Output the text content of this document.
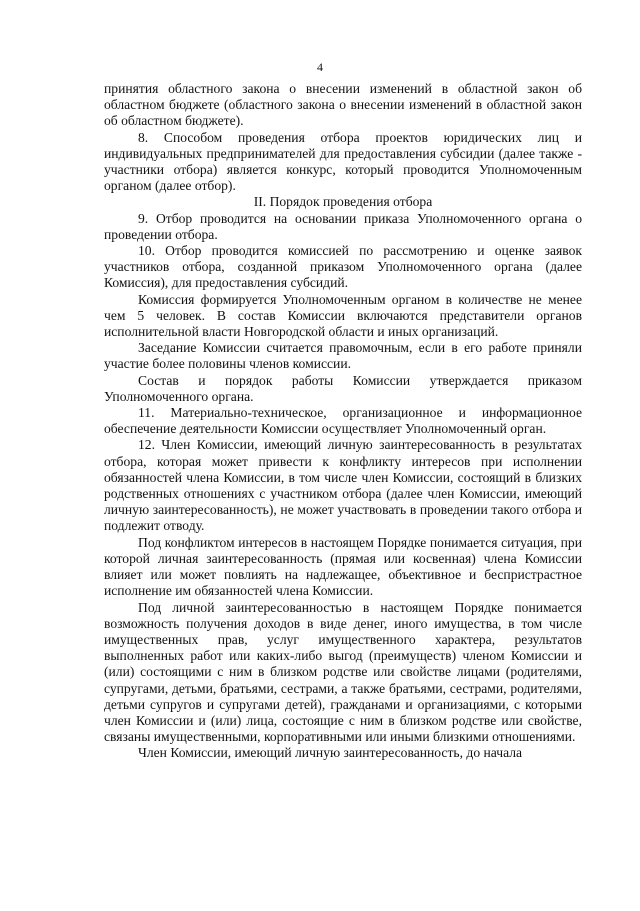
4

принятия областного закона о внесении изменений в областной закон об областном бюджете (областного закона о внесении изменений в областной закон об областном бюджете).

8. Способом проведения отбора проектов юридических лиц и индивидуальных предпринимателей для предоставления субсидии (далее также - участники отбора) является конкурс, который проводится Уполномоченным органом (далее отбор).

II. Порядок проведения отбора

9. Отбор проводится на основании приказа Уполномоченного органа о проведении отбора.

10. Отбор проводится комиссией по рассмотрению и оценке заявок участников отбора, созданной приказом Уполномоченного органа (далее Комиссия), для предоставления субсидий.

Комиссия формируется Уполномоченным органом в количестве не менее чем 5 человек. В состав Комиссии включаются представители органов исполнительной власти Новгородской области и иных организаций.

Заседание Комиссии считается правомочным, если в его работе приняли участие более половины членов комиссии.

Состав и порядок работы Комиссии утверждается приказом Уполномоченного органа.

11. Материально-техническое, организационное и информационное обеспечение деятельности Комиссии осуществляет Уполномоченный орган.

12. Член Комиссии, имеющий личную заинтересованность в результатах отбора, которая может привести к конфликту интересов при исполнении обязанностей члена Комиссии, в том числе член Комиссии, состоящий в близких родственных отношениях с участником отбора (далее член Комиссии, имеющий личную заинтересованность), не может участвовать в проведении такого отбора и подлежит отводу.

Под конфликтом интересов в настоящем Порядке понимается ситуация, при которой личная заинтересованность (прямая или косвенная) члена Комиссии влияет или может повлиять на надлежащее, объективное и беспристрастное исполнение им обязанностей члена Комиссии.

Под личной заинтересованностью в настоящем Порядке понимается возможность получения доходов в виде денег, иного имущества, в том числе имущественных прав, услуг имущественного характера, результатов выполненных работ или каких-либо выгод (преимуществ) членом Комиссии и (или) состоящими с ним в близком родстве или свойстве лицами (родителями, супругами, детьми, братьями, сестрами, а также братьями, сестрами, родителями, детьми супругов и супругами детей), гражданами и организациями, с которыми член Комиссии и (или) лица, состоящие с ним в близком родстве или свойстве, связаны имущественными, корпоративными или иными близкими отношениями.

Член Комиссии, имеющий личную заинтересованность, до начала
